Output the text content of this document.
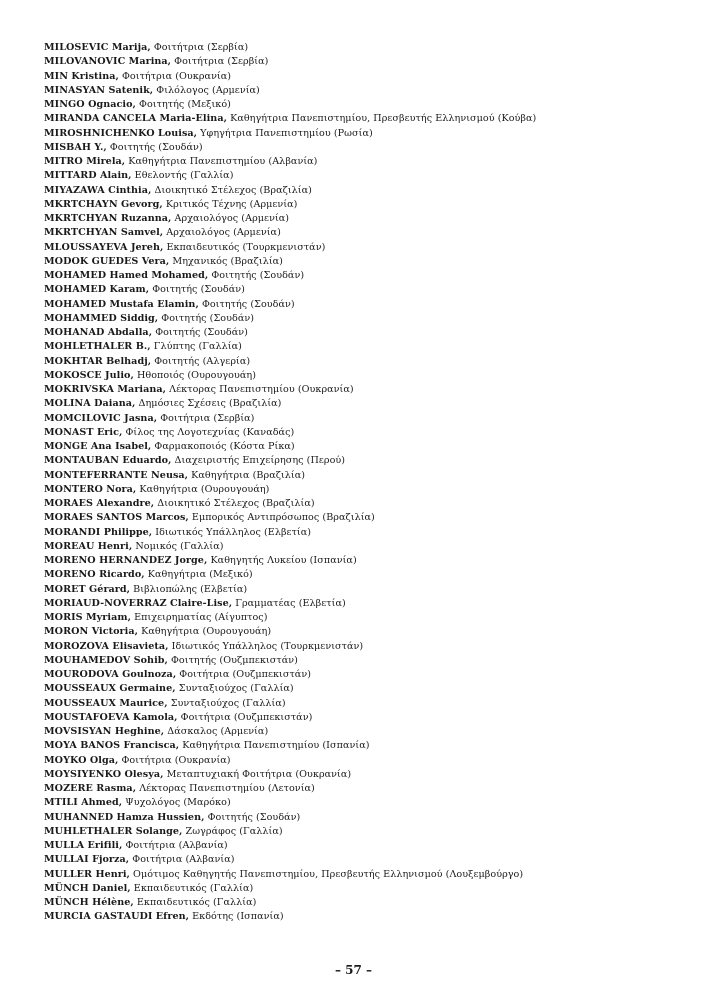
MILOSEVIC Marija, Φοιτήτρια (Σερβία)
MILOVANOVIC Marina, Φοιτήτρια (Σερβία)
MIN Kristina, Φοιτήτρια (Ουκρανία)
MINASYAN Satenik, Φιλόλογος (Αρμενία)
MINGO Ognacio, Φοιτητής (Μεξικό)
MIRANDA CANCELA Maria-Elina, Καθηγήτρια Πανεπιστημίου, Πρεσβευτής Ελληνισμού (Κούβα)
MIROSHNICHENKO Louisa, Υφηγήτρια Πανεπιστημίου (Ρωσία)
MISBAH Y., Φοιτητής (Σουδάν)
MITRO Mirela, Καθηγήτρια Πανεπιστημίου (Αλβανία)
MITTARD Alain, Εθελοντής (Γαλλία)
MIYAZAWA Cinthia, Διοικητικό Στέλεχος (Βραζιλία)
MKRTCHAYN Gevorg, Κριτικός Τέχνης (Αρμενία)
MKRTCHYAN Ruzanna, Αρχαιολόγος (Αρμενία)
MKRTCHYAN Samvel, Αρχαιολόγος (Αρμενία)
MLOUSSAYEVA Jereh, Εκπαιδευτικός (Τουρκμενιστάν)
MODOK GUEDES Vera, Μηχανικός (Βραζιλία)
MOHAMED Hamed Mohamed, Φοιτητής (Σουδάν)
MOHAMED Karam, Φοιτητής (Σουδάν)
MOHAMED Mustafa Elamin, Φοιτητής (Σουδάν)
MOHAMMED Siddig, Φοιτητής (Σουδάν)
MOHANAD Abdalla, Φοιτητής (Σουδάν)
MOHLETHALER B., Γλύπτης (Γαλλία)
MOKHTAR Belhadj, Φοιτητής (Αλγερία)
MOKOSCE Julio, Ηθοποιός (Ουρουγουάη)
MOKRIVSKA Mariana, Λέκτορας Πανεπιστημίου (Ουκρανία)
MOLINA Daiana, Δημόσιες Σχέσεις (Βραζιλία)
MOMCILOVIC Jasna, Φοιτήτρια (Σερβία)
MONAST Eric, Φίλος της Λογοτεχνίας (Καναδάς)
MONGE Ana Isabel, Φαρμακοποιός (Κόστα Ρίκα)
MONTAUBAN Eduardo, Διαχειριστής Επιχείρησης (Περού)
MONTEFERRANTE Neusa, Καθηγήτρια (Βραζιλία)
MONTERO Nora, Καθηγήτρια (Ουρουγουάη)
MORAES Alexandre, Διοικητικό Στέλεχος (Βραζιλία)
MORAES SANTOS Marcos, Εμπορικός Αντιπρόσωπος (Βραζιλία)
MORANDI Philippe, Ιδιωτικός Υπάλληλος (Ελβετία)
MOREAU Henri, Νομικός (Γαλλία)
MORENO HERNANDEZ Jorge, Καθηγητής Λυκείου (Ισπανία)
MORENO Ricardo, Καθηγήτρια (Μεξικό)
MORET Gérard, Βιβλιοπώλης (Ελβετία)
MORIAUD-NOVERRAZ Claire-Lise, Γραμματέας (Ελβετία)
MORIS Myriam, Επιχειρηματίας (Αίγυπτος)
MORON Victoria, Καθηγήτρια (Ουρουγουάη)
MOROZOVA Elisavieta, Ιδιωτικός Υπάλληλος (Τουρκμενιστάν)
MOUHAMEDOV Sohib, Φοιτητής (Ουζμπεκιστάν)
MOURODOVA Goulnoza, Φοιτήτρια (Ουζμπεκιστάν)
MOUSSEAUX Germaine, Συνταξιούχος (Γαλλία)
MOUSSEAUX Maurice, Συνταξιούχος (Γαλλία)
MOUSTAFOEVA Kamola, Φοιτήτρια (Ουζμπεκιστάν)
MOVSISYAN Heghine, Δάσκαλος (Αρμενία)
MOYA BANOS Francisca, Καθηγήτρια Πανεπιστημίου (Ισπανία)
MOYKO Olga, Φοιτήτρια (Ουκρανία)
MOYSIYENKO Olesya, Μεταπτυχιακή Φοιτήτρια (Ουκρανία)
MOZERE Rasma, Λέκτορας Πανεπιστημίου (Λετονία)
MTILI Ahmed, Ψυχολόγος (Μαρόκο)
MUHANNED Hamza Hussien, Φοιτητής (Σουδάν)
MUHLETHALER Solange, Ζωγράφος (Γαλλία)
MULLA Erifili, Φοιτήτρια (Αλβανία)
MULLAI Fjorza, Φοιτήτρια (Αλβανία)
MULLER Henri, Ομότιμος Καθηγητής Πανεπιστημίου, Πρεσβευτής Ελληνισμού (Λουξεμβούργο)
MÜNCH Daniel, Εκπαιδευτικός (Γαλλία)
MÜNCH Hélène, Εκπαιδευτικός (Γαλλία)
MURCIA GASTAUDI Efren, Εκδότης (Ισπανία)
– 57 –
